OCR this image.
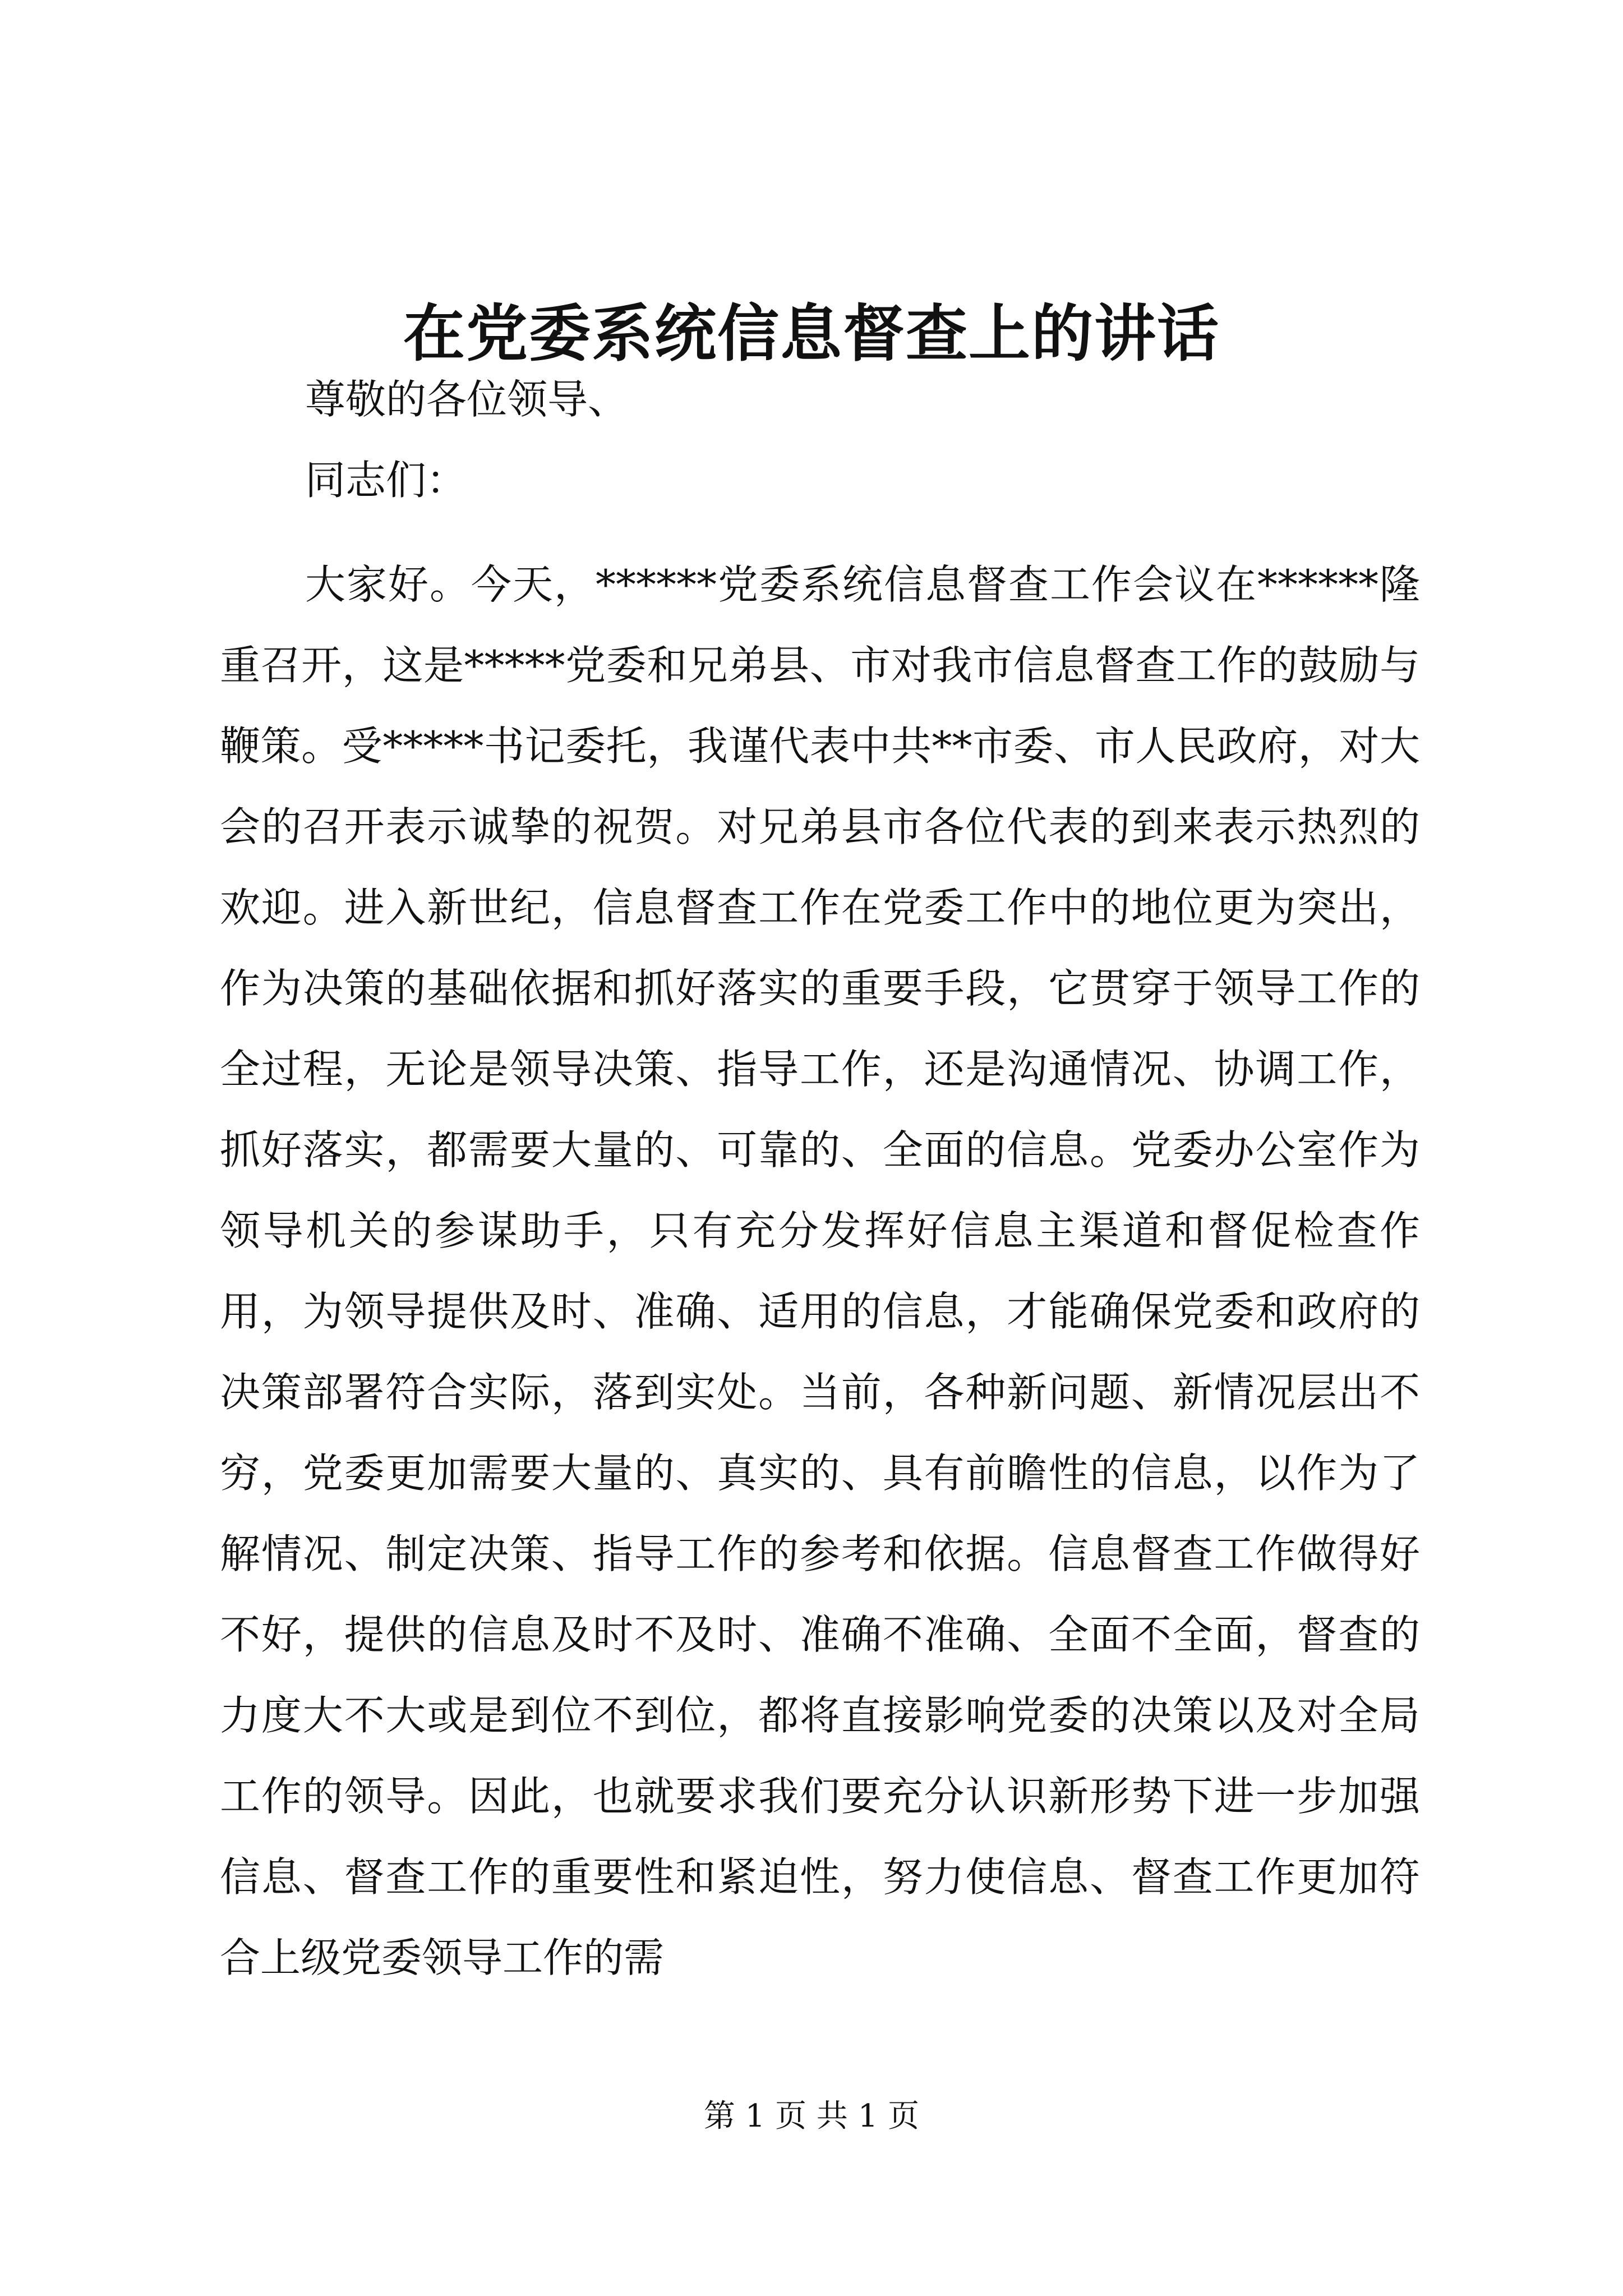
在党委系统信息督查上的讲话

尊敬的各位领导、

同志们：

大家好。今天，******党委系统信息督查工作会议在******隆重召开，这是*****党委和兄弟县、市对我市信息督查工作的鼓励与鞭策。受*****书记委托，我谨代表中共**市委、市人民政府，对大会的召开表示诚挚的祝贺。对兄弟县市各位代表的到来表示热烈的欢迎。进入新世纪，信息督查工作在党委工作中的地位更为突出，作为决策的基础依据和抓好落实的重要手段，它贯穿于领导工作的全过程，无论是领导决策、指导工作，还是沟通情况、协调工作，抓好落实，都需要大量的、可靠的、全面的信息。党委办公室作为领导机关的参谋助手，只有充分发挥好信息主渠道和督促检查作用，为领导提供及时、准确、适用的信息，才能确保党委和政府的决策部署符合实际，落到实处。当前，各种新问题、新情况层出不穷，党委更加需要大量的、真实的、具有前瞻性的信息，以作为了解情况、制定决策、指导工作的参考和依据。信息督查工作做得好不好，提供的信息及时不及时、准确不准确、全面不全面，督查的力度大不大或是到位不到位，都将直接影响党委的决策以及对全局工作的领导。因此，也就要求我们要充分认识新形势下进一步加强信息、督查工作的重要性和紧迫性，努力使信息、督查工作更加符合上级党委领导工作的需

第 1 页 共 1 页
